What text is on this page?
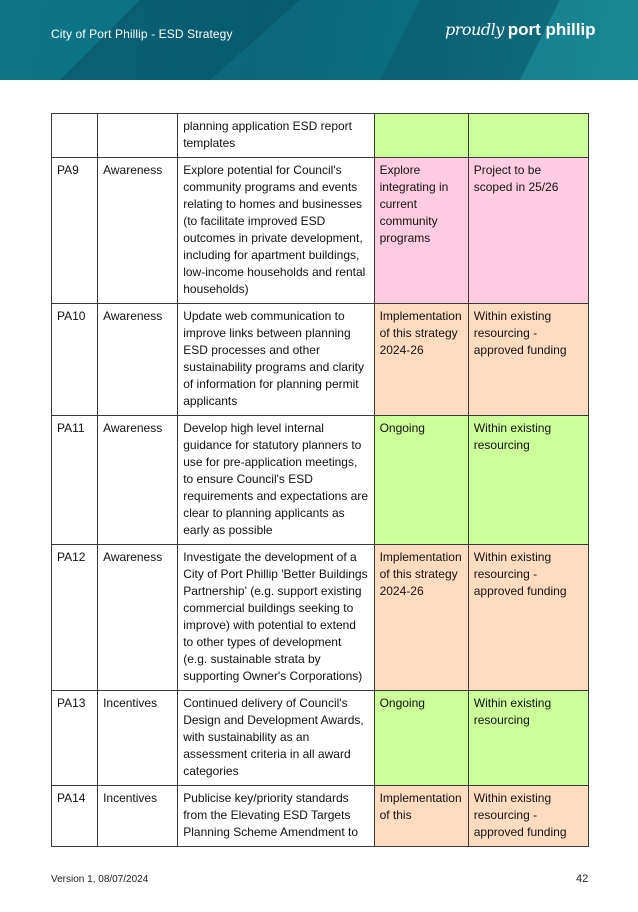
City of Port Phillip - ESD Strategy	proudly port phillip
		planning application ESD report templates		
PA9	Awareness	Explore potential for Council's community programs and events relating to homes and businesses (to facilitate improved ESD outcomes in private development, including for apartment buildings, low-income households and rental households)	Explore integrating in current community programs	Project to be scoped in 25/26
PA10	Awareness	Update web communication to improve links between planning ESD processes and other sustainability programs and clarity of information for planning permit applicants	Implementation of this strategy 2024-26	Within existing resourcing - approved funding
PA11	Awareness	Develop high level internal guidance for statutory planners to use for pre-application meetings, to ensure Council's ESD requirements and expectations are clear to planning applicants as early as possible	Ongoing	Within existing resourcing
PA12	Awareness	Investigate the development of a City of Port Phillip 'Better Buildings Partnership' (e.g. support existing commercial buildings seeking to improve) with potential to extend to other types of development (e.g. sustainable strata by supporting Owner's Corporations)	Implementation of this strategy 2024-26	Within existing resourcing - approved funding
PA13	Incentives	Continued delivery of Council's Design and Development Awards, with sustainability as an assessment criteria in all award categories	Ongoing	Within existing resourcing
PA14	Incentives	Publicise key/priority standards from the Elevating ESD Targets Planning Scheme Amendment to	Implementation of this	Within existing resourcing - approved funding
Version 1, 08/07/2024	42
